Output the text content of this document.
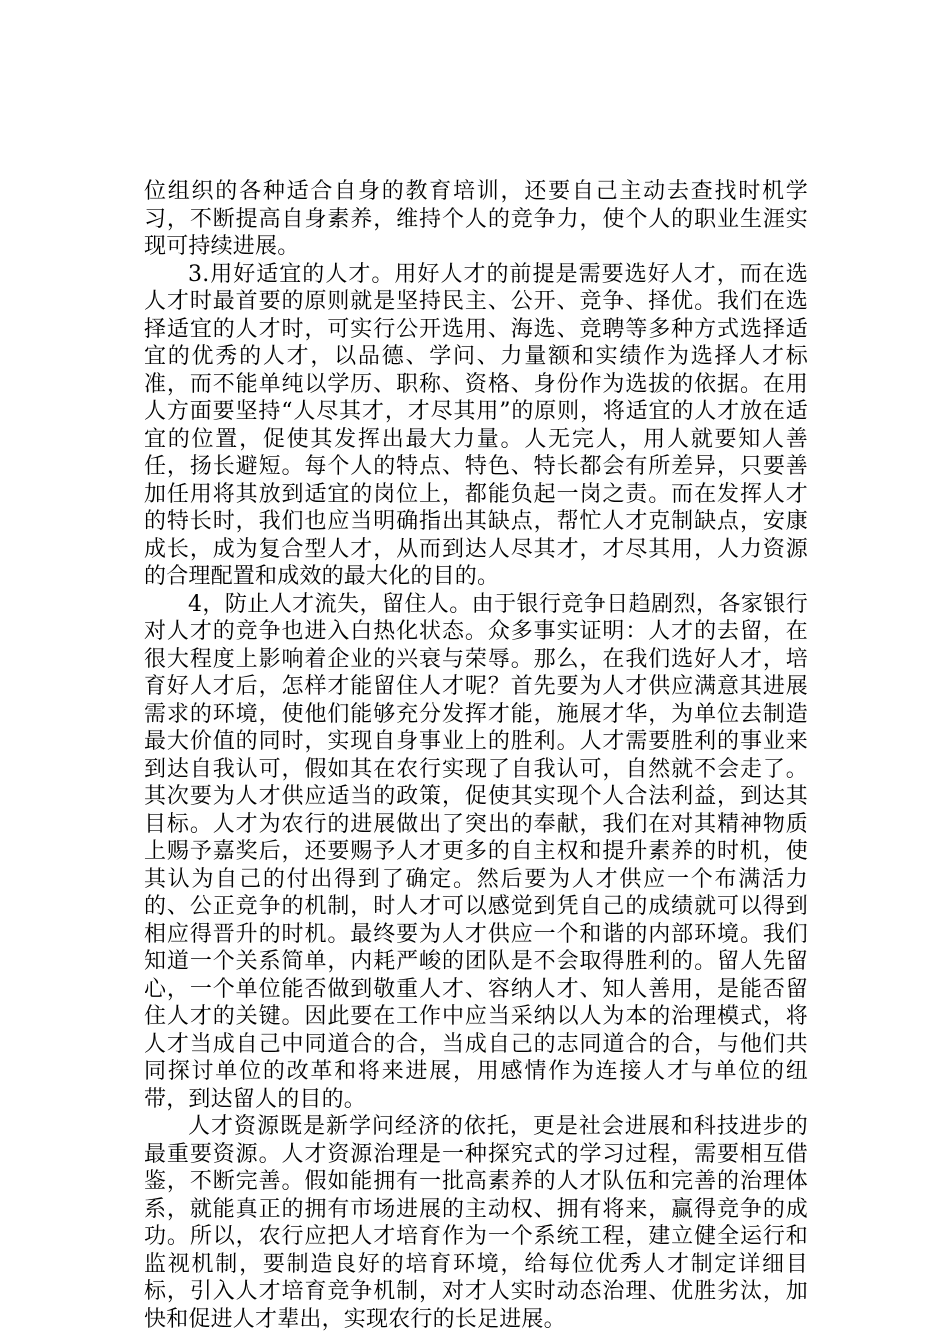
位组织的各种适合自身的教育培训，还要自己主动去查找时机学习，不断提高自身素养，维持个人的竞争力，使个人的职业生涯实现可持续进展。

3.用好适宜的人才。用好人才的前提是需要选好人才，而在选人才时最首要的原则就是坚持民主、公开、竞争、择优。我们在选择适宜的人才时，可实行公开选用、海选、竞聘等多种方式选择适宜的优秀的人才，以品德、学问、力量额和实绩作为选择人才标准，而不能单纯以学历、职称、资格、身份作为选拔的依据。在用人方面要坚持“人尽其才，才尽其用”的原则，将适宜的人才放在适宜的位置，促使其发挥出最大力量。人无完人，用人就要知人善任，扬长避短。每个人的特点、特色、特长都会有所差异，只要善加任用将其放到适宜的岗位上，都能负起一岗之责。而在发挥人才的特长时，我们也应当明确指出其缺点，帮忙人才克制缺点，安康成长，成为复合型人才，从而到达人尽其才，才尽其用，人力资源的合理配置和成效的最大化的目的。

4，防止人才流失，留住人。由于银行竞争日趋剧烈，各家银行对人才的竞争也进入白热化状态。众多事实证明：人才的去留，在很大程度上影响着企业的兴衰与荣辱。那么，在我们选好人才，培育好人才后，怎样才能留住人才呢？首先要为人才供应满意其进展需求的环境，使他们能够充分发挥才能，施展才华，为单位去制造最大价值的同时，实现自身事业上的胜利。人才需要胜利的事业来到达自我认可，假如其在农行实现了自我认可，自然就不会走了。其次要为人才供应适当的政策，促使其实现个人合法利益，到达其目标。人才为农行的进展做出了突出的奉献，我们在对其精神物质上赐予嘉奖后，还要赐予人才更多的自主权和提升素养的时机，使其认为自己的付出得到了确定。然后要为人才供应一个布满活力的、公正竞争的机制，时人才可以感觉到凭自己的成绩就可以得到相应得晋升的时机。最终要为人才供应一个和谐的内部环境。我们知道一个关系简单，内耗严峻的团队是不会取得胜利的。留人先留心，一个单位能否做到敬重人才、容纳人才、知人善用，是能否留住人才的关键。因此要在工作中应当采纳以人为本的治理模式，将人才当成自己中同道合的合，当成自己的志同道合的合，与他们共同探讨单位的改革和将来进展，用感情作为连接人才与单位的纽带，到达留人的目的。

人才资源既是新学问经济的依托，更是社会进展和科技进步的最重要资源。人才资源治理是一种探究式的学习过程，需要相互借鉴，不断完善。假如能拥有一批高素养的人才队伍和完善的治理体系，就能真正的拥有市场进展的主动权、拥有将来，赢得竞争的成功。所以，农行应把人才培育作为一个系统工程，建立健全运行和监视机制，要制造良好的培育环境，给每位优秀人才制定详细目标，引入人才培育竞争机制，对才人实时动态治理、优胜劣汰，加快和促进人才辈出，实现农行的长足进展。
